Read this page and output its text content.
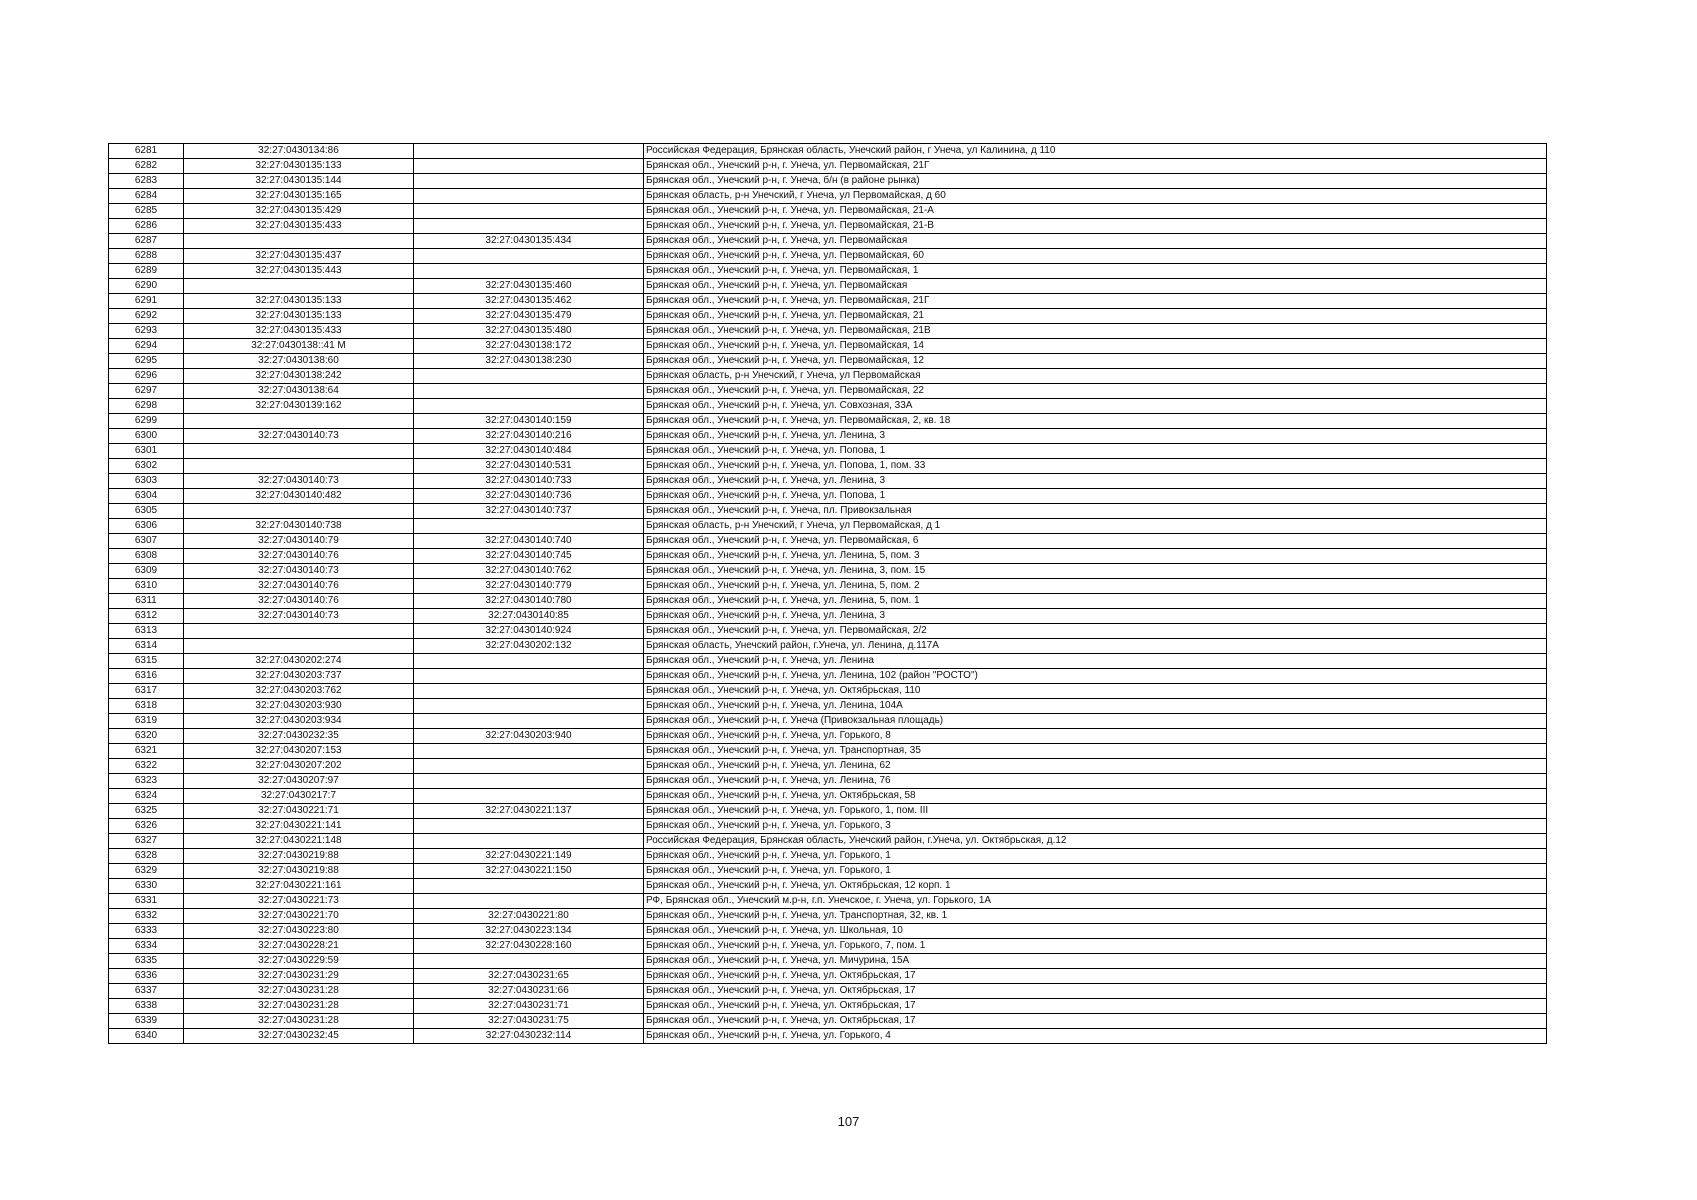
6281	32:27:0430134:86		Российская Федерация, Брянская область, Унечский район, г Унеча, ул Калинина, д 110
6282	32:27:0430135:133		Брянская обл., Унечский р-н, г. Унеча, ул. Первомайская, 21Г
6283	32:27:0430135:144		Брянская обл., Унечский р-н, г. Унеча, б/н (в районе рынка)
6284	32:27:0430135:165		Брянская область, р-н Унечский, г Унеча, ул Первомайская, д 60
6285	32:27:0430135:429		Брянская обл., Унечский р-н, г. Унеча, ул. Первомайская, 21-А
6286	32:27:0430135:433		Брянская обл., Унечский р-н, г. Унеча, ул. Первомайская, 21-В
6287		32:27:0430135:434	Брянская обл., Унечский р-н, г. Унеча, ул. Первомайская
6288	32:27:0430135:437		Брянская обл., Унечский р-н, г. Унеча, ул. Первомайская, 60
6289	32:27:0430135:443		Брянская обл., Унечский р-н, г. Унеча, ул. Первомайская, 1
6290		32:27:0430135:460	Брянская обл., Унечский р-н, г. Унеча, ул. Первомайская
6291	32:27:0430135:133	32:27:0430135:462	Брянская обл., Унечский р-н, г. Унеча, ул. Первомайская, 21Г
6292	32:27:0430135:133	32:27:0430135:479	Брянская обл., Унечский р-н, г. Унеча, ул. Первомайская, 21
6293	32:27:0430135:433	32:27:0430135:480	Брянская обл., Унечский р-н, г. Унеча, ул. Первомайская, 21В
6294	32:27:0430138::41 М	32:27:0430138:172	Брянская обл., Унечский р-н, г. Унеча, ул. Первомайская, 14
6295	32:27:0430138:60	32:27:0430138:230	Брянская обл., Унечский р-н, г. Унеча, ул. Первомайская, 12
6296	32:27:0430138:242		Брянская область, р-н Унечский, г Унеча, ул Первомайская
6297	32:27:0430138:64		Брянская обл., Унечский р-н, г. Унеча, ул. Первомайская, 22
6298	32:27:0430139:162		Брянская обл., Унечский р-н, г. Унеча, ул. Совхозная, 33А
6299		32:27:0430140:159	Брянская обл., Унечский р-н, г. Унеча, ул. Первомайская, 2, кв. 18
6300	32:27:0430140:73	32:27:0430140:216	Брянская обл., Унечский р-н, г. Унеча, ул. Ленина, 3
6301		32:27:0430140:484	Брянская обл., Унечский р-н, г. Унеча, ул. Попова, 1
6302		32:27:0430140:531	Брянская обл., Унечский р-н, г. Унеча, ул. Попова, 1, пом. 33
6303	32:27:0430140:73	32:27:0430140:733	Брянская обл., Унечский р-н, г. Унеча, ул. Ленина, 3
6304	32:27:0430140:482	32:27:0430140:736	Брянская обл., Унечский р-н, г. Унеча, ул. Попова, 1
6305		32:27:0430140:737	Брянская обл., Унечский р-н, г. Унеча, пл. Привокзальная
6306	32:27:0430140:738		Брянская область, р-н Унечский, г Унеча, ул Первомайская, д 1
6307	32:27:0430140:79	32:27:0430140:740	Брянская обл., Унечский р-н, г. Унеча, ул. Первомайская, 6
6308	32:27:0430140:76	32:27:0430140:745	Брянская обл., Унечский р-н, г. Унеча, ул. Ленина, 5, пом. 3
6309	32:27:0430140:73	32:27:0430140:762	Брянская обл., Унечский р-н, г. Унеча, ул. Ленина, 3, пом. 15
6310	32:27:0430140:76	32:27:0430140:779	Брянская обл., Унечский р-н, г. Унеча, ул. Ленина, 5, пом. 2
6311	32:27:0430140:76	32:27:0430140:780	Брянская обл., Унечский р-н, г. Унеча, ул. Ленина, 5, пом. 1
6312	32:27:0430140:73	32:27:0430140:85	Брянская обл., Унечский р-н, г. Унеча, ул. Ленина, 3
6313		32:27:0430140:924	Брянская обл., Унечский р-н, г. Унеча, ул. Первомайская, 2/2
6314		32:27:0430202:132	Брянская область, Унечский район, г.Унеча, ул. Ленина, д.117А
6315	32:27:0430202:274		Брянская обл., Унечский р-н, г. Унеча, ул. Ленина
6316	32:27:0430203:737		Брянская обл., Унечский р-н, г. Унеча, ул. Ленина, 102 (район "РОСТО")
6317	32:27:0430203:762		Брянская обл., Унечский р-н, г. Унеча, ул. Октябрьская, 110
6318	32:27:0430203:930		Брянская обл., Унечский р-н, г. Унеча, ул. Ленина, 104А
6319	32:27:0430203:934		Брянская обл., Унечский р-н, г. Унеча (Привокзальная площадь)
6320	32:27:0430232:35	32:27:0430203:940	Брянская обл., Унечский р-н, г. Унеча, ул. Горького, 8
6321	32:27:0430207:153		Брянская обл., Унечский р-н, г. Унеча, ул. Транспортная, 35
6322	32:27:0430207:202		Брянская обл., Унечский р-н, г. Унеча, ул. Ленина, 62
6323	32:27:0430207:97		Брянская обл., Унечский р-н, г. Унеча, ул. Ленина, 76
6324	32:27:0430217:7		Брянская обл., Унечский р-н, г. Унеча, ул. Октябрьская, 58
6325	32:27:0430221:71	32:27:0430221:137	Брянская обл., Унечский р-н, г. Унеча, ул. Горького, 1, пом. III
6326	32:27:0430221:141		Брянская обл., Унечский р-н, г. Унеча, ул. Горького, 3
6327	32:27:0430221:148		Российская Федерация, Брянская область, Унечский район, г.Унеча, ул. Октябрьская, д.12
6328	32:27:0430219:88	32:27:0430221:149	Брянская обл., Унечский р-н, г. Унеча, ул. Горького, 1
6329	32:27:0430219:88	32:27:0430221:150	Брянская обл., Унечский р-н, г. Унеча, ул. Горького, 1
6330	32:27:0430221:161		Брянская обл., Унечский р-н, г. Унеча, ул. Октябрьская, 12 корп. 1
6331	32:27:0430221:73		РФ, Брянская обл., Унечский м.р-н, г.п. Унечское, г. Унеча, ул. Горького, 1А
6332	32:27:0430221:70	32:27:0430221:80	Брянская обл., Унечский р-н, г. Унеча, ул. Транспортная, 32, кв. 1
6333	32:27:0430223:80	32:27:0430223:134	Брянская обл., Унечский р-н, г. Унеча, ул. Школьная, 10
6334	32:27:0430228:21	32:27:0430228:160	Брянская обл., Унечский р-н, г. Унеча, ул. Горького, 7, пом. 1
6335	32:27:0430229:59		Брянская обл., Унечский р-н, г. Унеча, ул. Мичурина, 15А
6336	32:27:0430231:29	32:27:0430231:65	Брянская обл., Унечский р-н, г. Унеча, ул. Октябрьская, 17
6337	32:27:0430231:28	32:27:0430231:66	Брянская обл., Унечский р-н, г. Унеча, ул. Октябрьская, 17
6338	32:27:0430231:28	32:27:0430231:71	Брянская обл., Унечский р-н, г. Унеча, ул. Октябрьская, 17
6339	32:27:0430231:28	32:27:0430231:75	Брянская обл., Унечский р-н, г. Унеча, ул. Октябрьская, 17
6340	32:27:0430232:45	32:27:0430232:114	Брянская обл., Унечский р-н, г. Унеча, ул. Горького, 4
107
